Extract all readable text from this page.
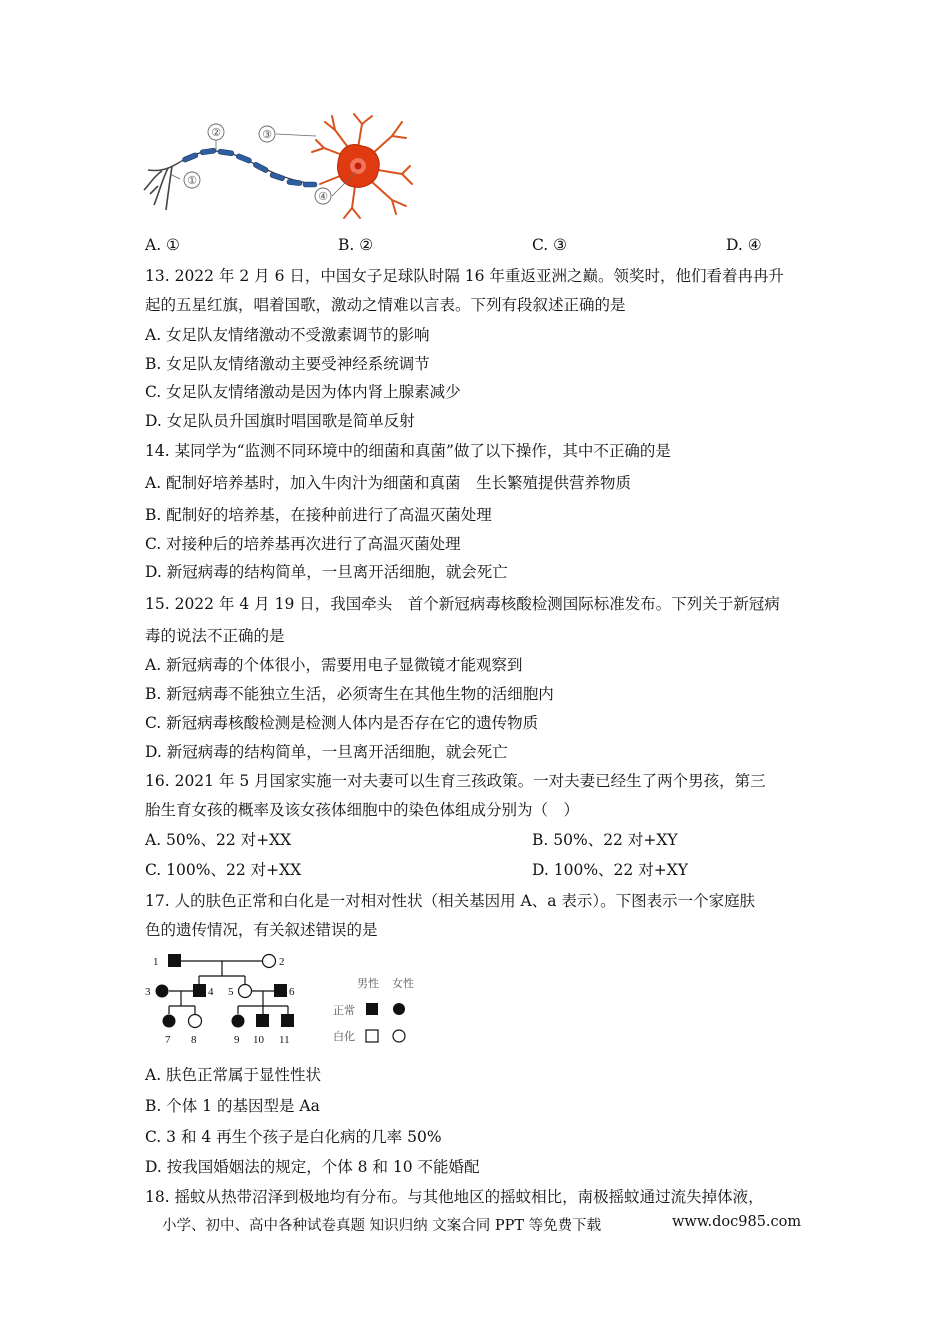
①
②	③
④
A. ①	B. ②	C. ③	D. ④
13. 2022 年 2 月 6 日，中国女子足球队时隔 16 年重返亚洲之巅。领奖时，他们看着冉冉升
起的五星红旗，唱着国歌，激动之情难以言表。下列有段叙述正确的是
A. 女足队友情绪激动不受激素调节的影响
B. 女足队友情绪激动主要受神经系统调节
C. 女足队友情绪激动是因为体内肾上腺素减少
D. 女足队员升国旗时唱国歌是简单反射
14. 某同学为“监测不同环境中的细菌和真菌”做了以下操作，其中不正确的是
A. 配制好培养基时，加入牛肉汁为细菌和真菌　生长繁殖提供营养物质
B. 配制好的培养基，在接种前进行了高温灭菌处理
C. 对接种后的培养基再次进行了高温灭菌处理
D. 新冠病毒的结构简单，一旦离开活细胞，就会死亡
15. 2022 年 4 月 19 日，我国牵头　首个新冠病毒核酸检测国际标准发布。下列关于新冠病
毒的说法不正确的是
A. 新冠病毒的个体很小，需要用电子显微镜才能观察到
B. 新冠病毒不能独立生活，必须寄生在其他生物的活细胞内
C. 新冠病毒核酸检测是检测人体内是否存在它的遗传物质
D. 新冠病毒的结构简单，一旦离开活细胞，就会死亡
16. 2021 年 5 月国家实施一对夫妻可以生育三孩政策。一对夫妻已经生了两个男孩，第三
胎生育女孩的概率及该女孩体细胞中的染色体组成分别为（　）
A. 50%、22 对+XX	B. 50%、22 对+XY
C. 100%、22 对+XX	D. 100%、22 对+XY
17. 人的肤色正常和白化是一对相对性状（相关基因用 A、a 表示）。下图表示一个家庭肤
色的遗传情况，有关叙述错误的是
1	2
3	4 5	6
7 8	9 10 11
男性 女性
正常
白化
A. 肤色正常属于显性性状
B. 个体 1 的基因型是 Aa
C. 3 和 4 再生个孩子是白化病的几率 50%
D. 按我国婚姻法的规定，个体 8 和 10 不能婚配
18. 摇蚊从热带沼泽到极地均有分布。与其他地区的摇蚊相比，南极摇蚊通过流失掉体液，
小学、初中、高中各种试卷真题 知识归纳 文案合同 PPT 等免费下载	www.doc985.com
